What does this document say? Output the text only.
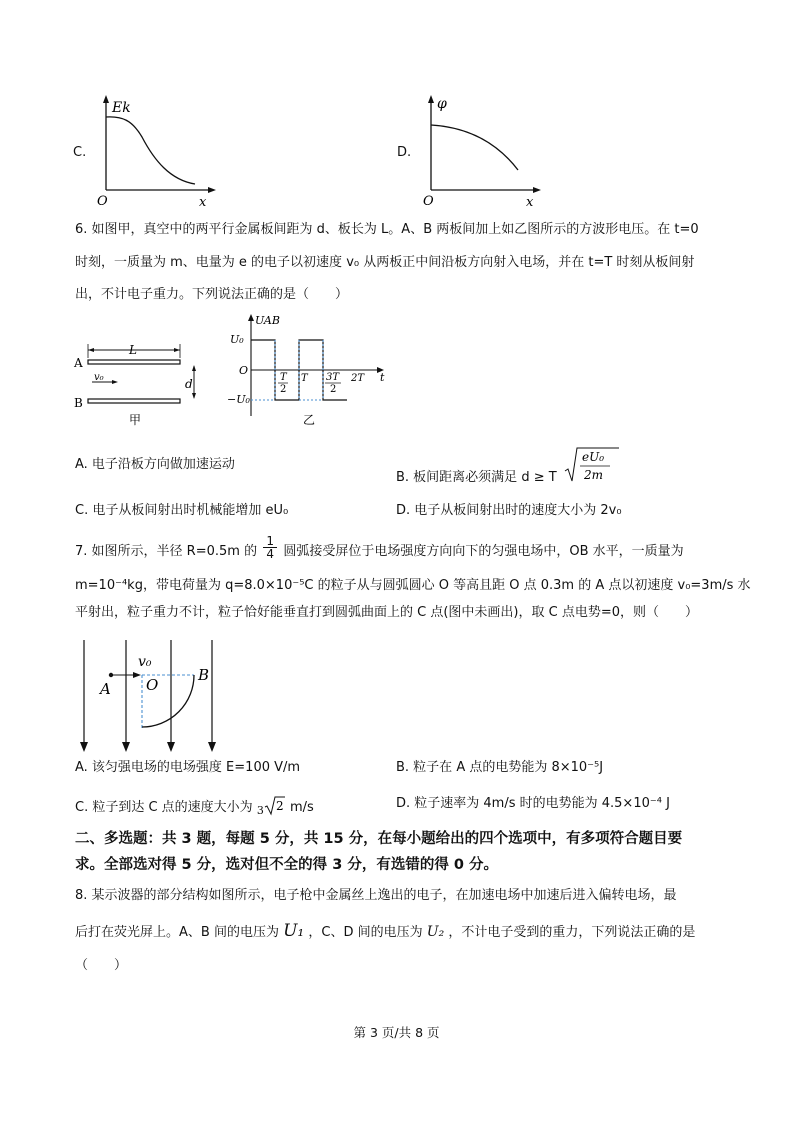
C.
Ek
O	x
D.
φ
O	x
6. 如图甲，真空中的两平行金属板间距为 d、板长为 L。A、B 两板间加上如乙图所示的方波形电压。在 t=0
时刻，一质量为 m、电量为 e 的电子以初速度 v₀ 从两板正中间沿板方向射入电场，并在 t=T 时刻从板间射
出，不计电子重力。下列说法正确的是（　　）
L
A
B
v₀	d
甲
UAB
U₀
O
−U₀
T
2
T 3T
2
2T t
乙
A. 电子沿板方向做加速运动
B. 板间距离必须满足 d ≥ T
eU₀
2m
C. 电子从板间射出时机械能增加 eU₀	D. 电子从板间射出时的速度大小为 2v₀
7. 如图所示，半径 R=0.5m 的 $\frac{1}{4}$ 圆弧接受屏位于电场强度方向向下的匀强电场中，OB 水平，一质量为
m=10⁻⁴kg，带电荷量为 q=8.0×10⁻⁵C 的粒子从与圆弧圆心 O 等高且距 O 点 0.3m 的 A 点以初速度 v₀=3m/s 水
平射出，粒子重力不计，粒子恰好能垂直打到圆弧曲面上的 C 点(图中未画出)，取 C 点电势=0，则（　　）
v₀
A O
B
A. 该匀强电场的电场强度 E=100 V/m	B. 粒子在 A 点的电势能为 8×10⁻⁵J
C. 粒子到达 C 点的速度大小为 $_3$ 2 m/s	D. 粒子速率为 4m/s 时的电势能为 4.5×10⁻⁴ J
二、多选题：共 3 题，每题 5 分，共 15 分，在每小题给出的四个选项中，有多项符合题目要
求。全部选对得 5 分，选对但不全的得 3 分，有选错的得 0 分。
8. 某示波器的部分结构如图所示，电子枪中金属丝上逸出的电子，在加速电场中加速后进入偏转电场，最
后打在荧光屏上。A、B 间的电压为 U₁ ，C、D 间的电压为 U₂ ，不计电子受到的重力，下列说法正确的是
（　　）
第 3 页/共 8 页
